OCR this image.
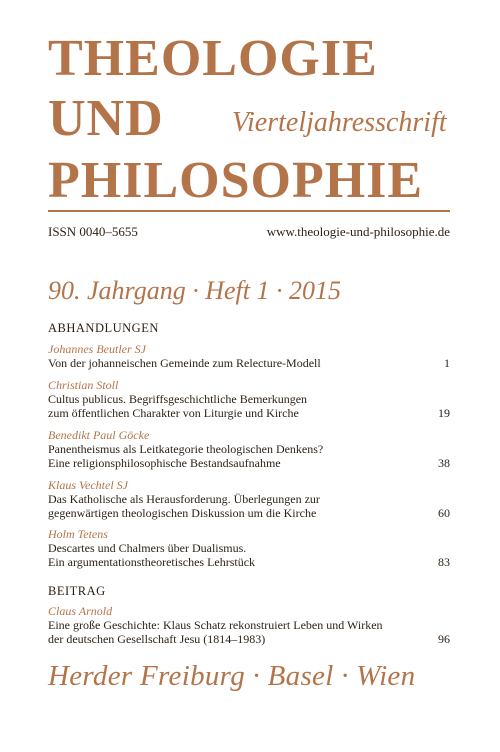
THEOLOGIE
UND
PHILOSOPHIE
Vierteljahresschrift
ISSN 0040–5655	www.theologie-und-philosophie.de
90. Jahrgang · Heft 1 · 2015
ABHANDLUNGEN
Johannes Beutler SJ
Von der johanneischen Gemeinde zum Relecture-Modell	1
Christian Stoll
Cultus publicus. Begriffsgeschichtliche Bemerkungen
zum öffentlichen Charakter von Liturgie und Kirche	19
Benedikt Paul Göcke
Panentheismus als Leitkategorie theologischen Denkens?
Eine religionsphilosophische Bestandsaufnahme	38
Klaus Vechtel SJ
Das Katholische als Herausforderung. Überlegungen zur
gegenwärtigen theologischen Diskussion um die Kirche	60
Holm Tetens
Descartes und Chalmers über Dualismus.
Ein argumentationstheoretisches Lehrstück	83
BEITRAG
Claus Arnold
Eine große Geschichte: Klaus Schatz rekonstruiert Leben und Wirken
der deutschen Gesellschaft Jesu (1814–1983)	96
Herder Freiburg · Basel · Wien
